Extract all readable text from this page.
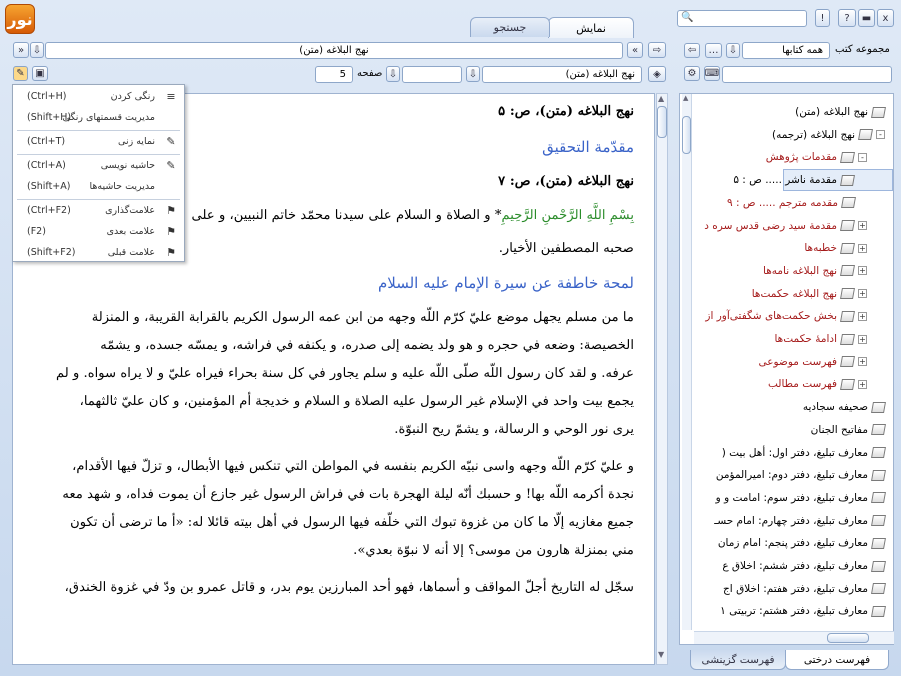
نور	نمایش
جستجو
🔍	!	?	▬	x
» ⇩	نهج البلاغه (متن)	«	⇨
✎	▣	5	صفحه ⇩	⇩	نهج البلاغه (متن)	◈

نهج البلاغه (متن)، ص: ۵

مقدّمة التحقيق

نهج البلاغه (متن)، ص: ۷

بِسْمِ اللَّهِ الرَّحْمنِ الرَّحِيمِ* و الصلاة و السلام على سيدنا محمّد خاتم النبيين، و على

صحبه المصطفين الأخيار.

لمحة خاطفة عن سيرة الإمام عليه السلام

ما من مسلم يجهل موضع عليّ كرّم اللّه وجهه من ابن عمه الرسول الكريم بالقرابة القريبة، و المنزلة

الخصيصة: وضعه في حجره و هو ولد يضمه إلى صدره، و يكنفه في فراشه، و يمسّه جسده، و يشمّه

عرفه. و لقد كان رسول اللّه صلّى اللّه عليه و سلم يجاور في كل سنة بحراء فيراه عليّ و لا يراه سواه. و لم

يجمع بيت واحد في الإسلام غير الرسول عليه الصلاة و السلام و خديجة أم المؤمنين، و كان عليّ ثالثهما،

يرى نور الوحي و الرسالة، و يشمّ ريح النبوّة.

و عليّ كرّم اللّه وجهه واسى نبيّه الكريم بنفسه في المواطن التي تنكس فيها الأبطال، و تزلّ فيها الأقدام،

نجدة أكرمه اللّه بها! و حسبك أنّه ليلة الهجرة بات في فراش الرسول غير جازع أن يموت فداه، و شهد معه

جميع مغازيه إلّا ما كان من غزوة تبوك التي خلّفه فيها الرسول في أهل بيته قائلا له: «أ ما ترضى أن تكون

مني بمنزلة هارون من موسى؟ إلا أنه لا نبوّة بعدي».

سجّل له التاريخ أجلّ المواقف و أسماها، فهو أحد المبارزين يوم بدر، و قاتل عمرو بن ودّ في غزوة الخندق،

▲
▼
≡
رنگی کردن
(Ctrl+H)
مدیریت قسمتهای رنگی
(Shift+H)
✎
نمایه زنی
(Ctrl+T)
✎
حاشیه نویسی
(Ctrl+A)
مدیریت حاشیه‌ها
(Shift+A)
⚑
علامت‌گذاری
(Ctrl+F2)
⚑
علامت بعدی
(F2)
⚑
علامت قبلی
(Shift+F2)
⇦	…	⇩	همه کتابها	مجموعه کتب
⚙ ⌨
نهج البلاغه (متن)
-
نهج البلاغه (ترجمه)
-
مقدمات پژوهش
مقدمة ناشر ..... ص : ۵
مقدمه مترجم ..... ص : ۹
+
مقدمة سید رضی قدس سره د
+
خطبه‌ها
+
نهج البلاغه نامه‌ها
+
نهج البلاغه حکمت‌ها
+
بخش حکمت‌های شگفتی‌آور از
+
ادامهٔ حکمت‌ها
+
فهرست موضوعی
+
فهرست مطالب
صحیفه سجادیه
مفاتیح الجنان
معارف تبلیغ، دفتر اول: أهل بیت (
معارف تبلیغ، دفتر دوم: امیرالمؤمن
معارف تبلیغ، دفتر سوم: امامت و و
معارف تبلیغ، دفتر چهارم: امام حسـ
معارف تبلیغ، دفتر پنجم: امام زمان
معارف تبلیغ، دفتر ششم: اخلاق ع
معارف تبلیغ، دفتر هفتم: اخلاق اج
معارف تبلیغ، دفتر هشتم: تربیتی ۱
▲
فهرست درختی
فهرست گزینشی
